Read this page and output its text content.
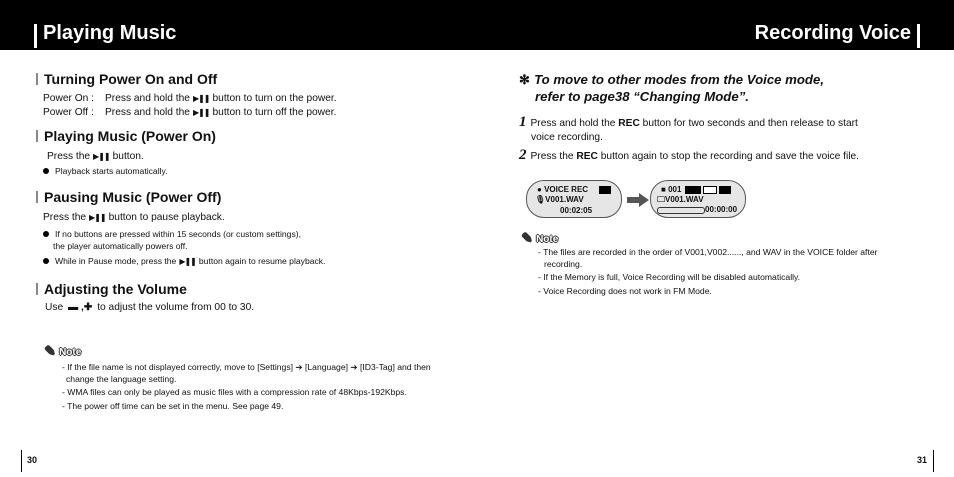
Playing Music	Recording Voice
Turning Power On and Off
Power On : Press and hold the ▶❚❚ button to turn on the power.
Power Off : Press and hold the ▶❚❚ button to turn off the power.
Playing Music (Power On)
Press the ▶❚❚ button.
Playback starts automatically.
Pausing Music (Power Off)
Press the ▶❚❚ button to pause playback.
If no buttons are pressed within 15 seconds (or custom settings),
the player automatically powers off.
While in Pause mode, press the ▶❚❚ button again to resume playback.
Adjusting the Volume
Use ▬ ,✚ to adjust the volume from 00 to 30.
✎ Note
- If the file name is not displayed correctly, move to [Settings] ➔ [Language] ➔ [ID3-Tag] and then
change the language setting.
- WMA files can only be played as music files with a compression rate of 48Kbps-192Kbps.
- The power off time can be set in the menu. See page 49.
30
✻ To move to other modes from the Voice mode,
refer to page38 “Changing Mode”.
1 Press and hold the REC button for two seconds and then release to start
voice recording.
2 Press the REC button again to stop the recording and save the voice file.
● VOICE REC
🎙V001.WAV
00:02:05
■ 001
🗀V001.WAV
00:00:00
✎ Note
- The files are recorded in the order of V001,V002......, and WAV in the VOICE folder after
recording.
- If the Memory is full, Voice Recording will be disabled automatically.
- Voice Recording does not work in FM Mode.
31
